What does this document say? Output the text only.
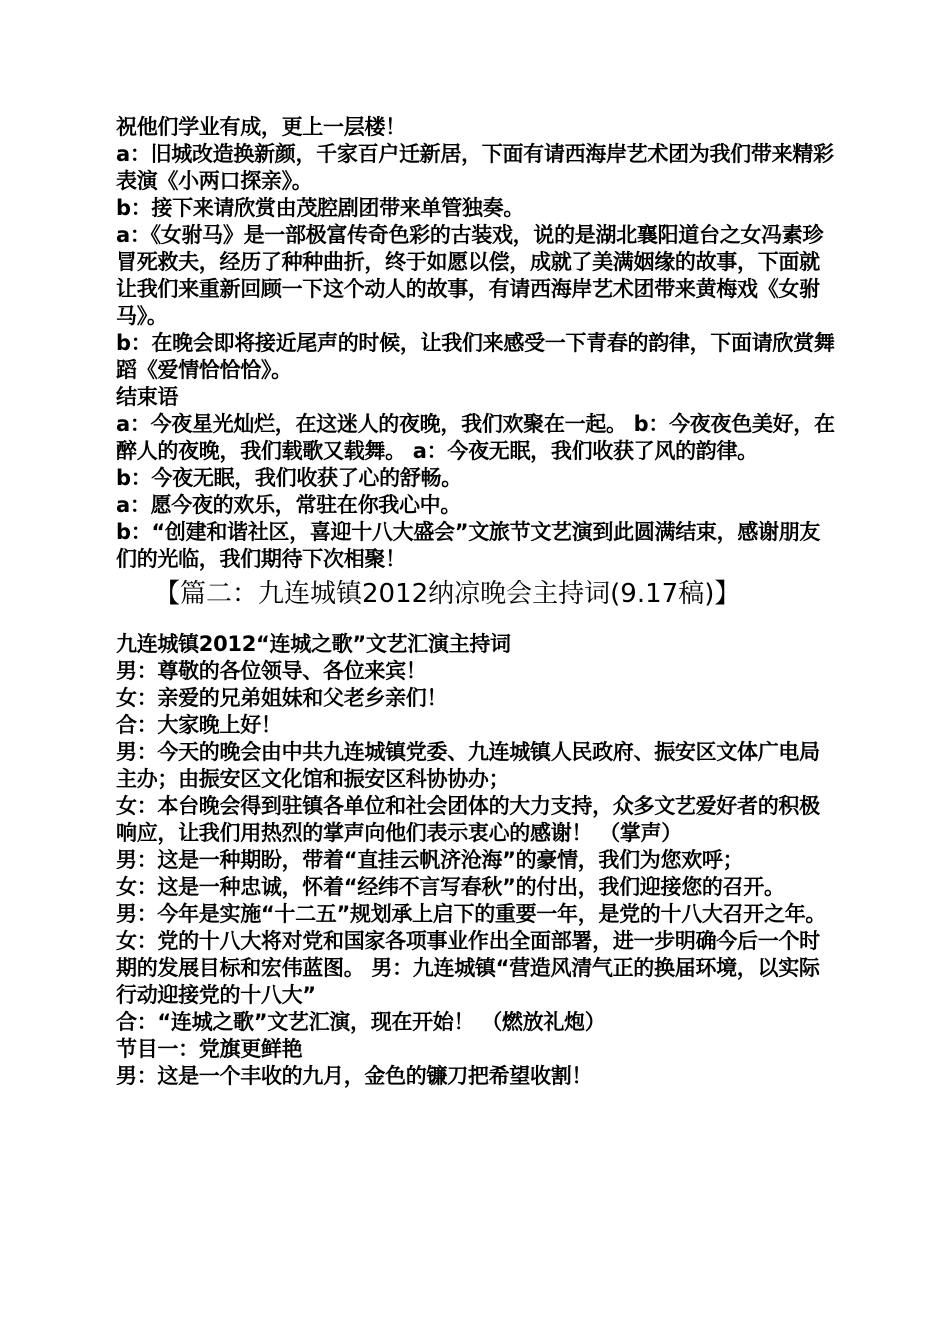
祝他们学业有成，更上一层楼！
a：旧城改造换新颜，千家百户迁新居，下面有请西海岸艺术团为我们带来精彩表演《小两口探亲》。
b：接下来请欣赏由茂腔剧团带来单管独奏。
a：《女驸马》是一部极富传奇色彩的古装戏，说的是湖北襄阳道台之女冯素珍冒死救夫，经历了种种曲折，终于如愿以偿，成就了美满姻缘的故事，下面就让我们来重新回顾一下这个动人的故事，有请西海岸艺术团带来黄梅戏《女驸马》。
b：在晚会即将接近尾声的时候，让我们来感受一下青春的韵律，下面请欣赏舞蹈《爱情恰恰恰》。
结束语
a：今夜星光灿烂，在这迷人的夜晚，我们欢聚在一起。 b：今夜夜色美好，在醉人的夜晚，我们载歌又载舞。 a：今夜无眠，我们收获了风的韵律。
b：今夜无眠，我们收获了心的舒畅。
a：愿今夜的欢乐，常驻在你我心中。
b：“创建和谐社区，喜迎十八大盛会”文旅节文艺演到此圆满结束，感谢朋友们的光临，我们期待下次相聚！
【篇二：九连城镇2012纳凉晚会主持词(9.17稿)】
九连城镇2012“连城之歌”文艺汇演主持词
男：尊敬的各位领导、各位来宾！
女：亲爱的兄弟姐妹和父老乡亲们！
合：大家晚上好！
男：今天的晚会由中共九连城镇党委、九连城镇人民政府、振安区文体广电局主办；由振安区文化馆和振安区科协协办；
女：本台晚会得到驻镇各单位和社会团体的大力支持，众多文艺爱好者的积极响应，让我们用热烈的掌声向他们表示衷心的感谢！ （掌声）
男：这是一种期盼，带着“直挂云帆济沧海”的豪情，我们为您欢呼；
女：这是一种忠诚，怀着“经纬不言写春秋”的付出，我们迎接您的召开。
男：今年是实施“十二五”规划承上启下的重要一年，是党的十八大召开之年。
女：党的十八大将对党和国家各项事业作出全面部署，进一步明确今后一个时期的发展目标和宏伟蓝图。 男：九连城镇“营造风清气正的换届环境，以实际行动迎接党的十八大”
合：“连城之歌”文艺汇演，现在开始！ （燃放礼炮）
节目一：党旗更鲜艳
男：这是一个丰收的九月，金色的镰刀把希望收割！
